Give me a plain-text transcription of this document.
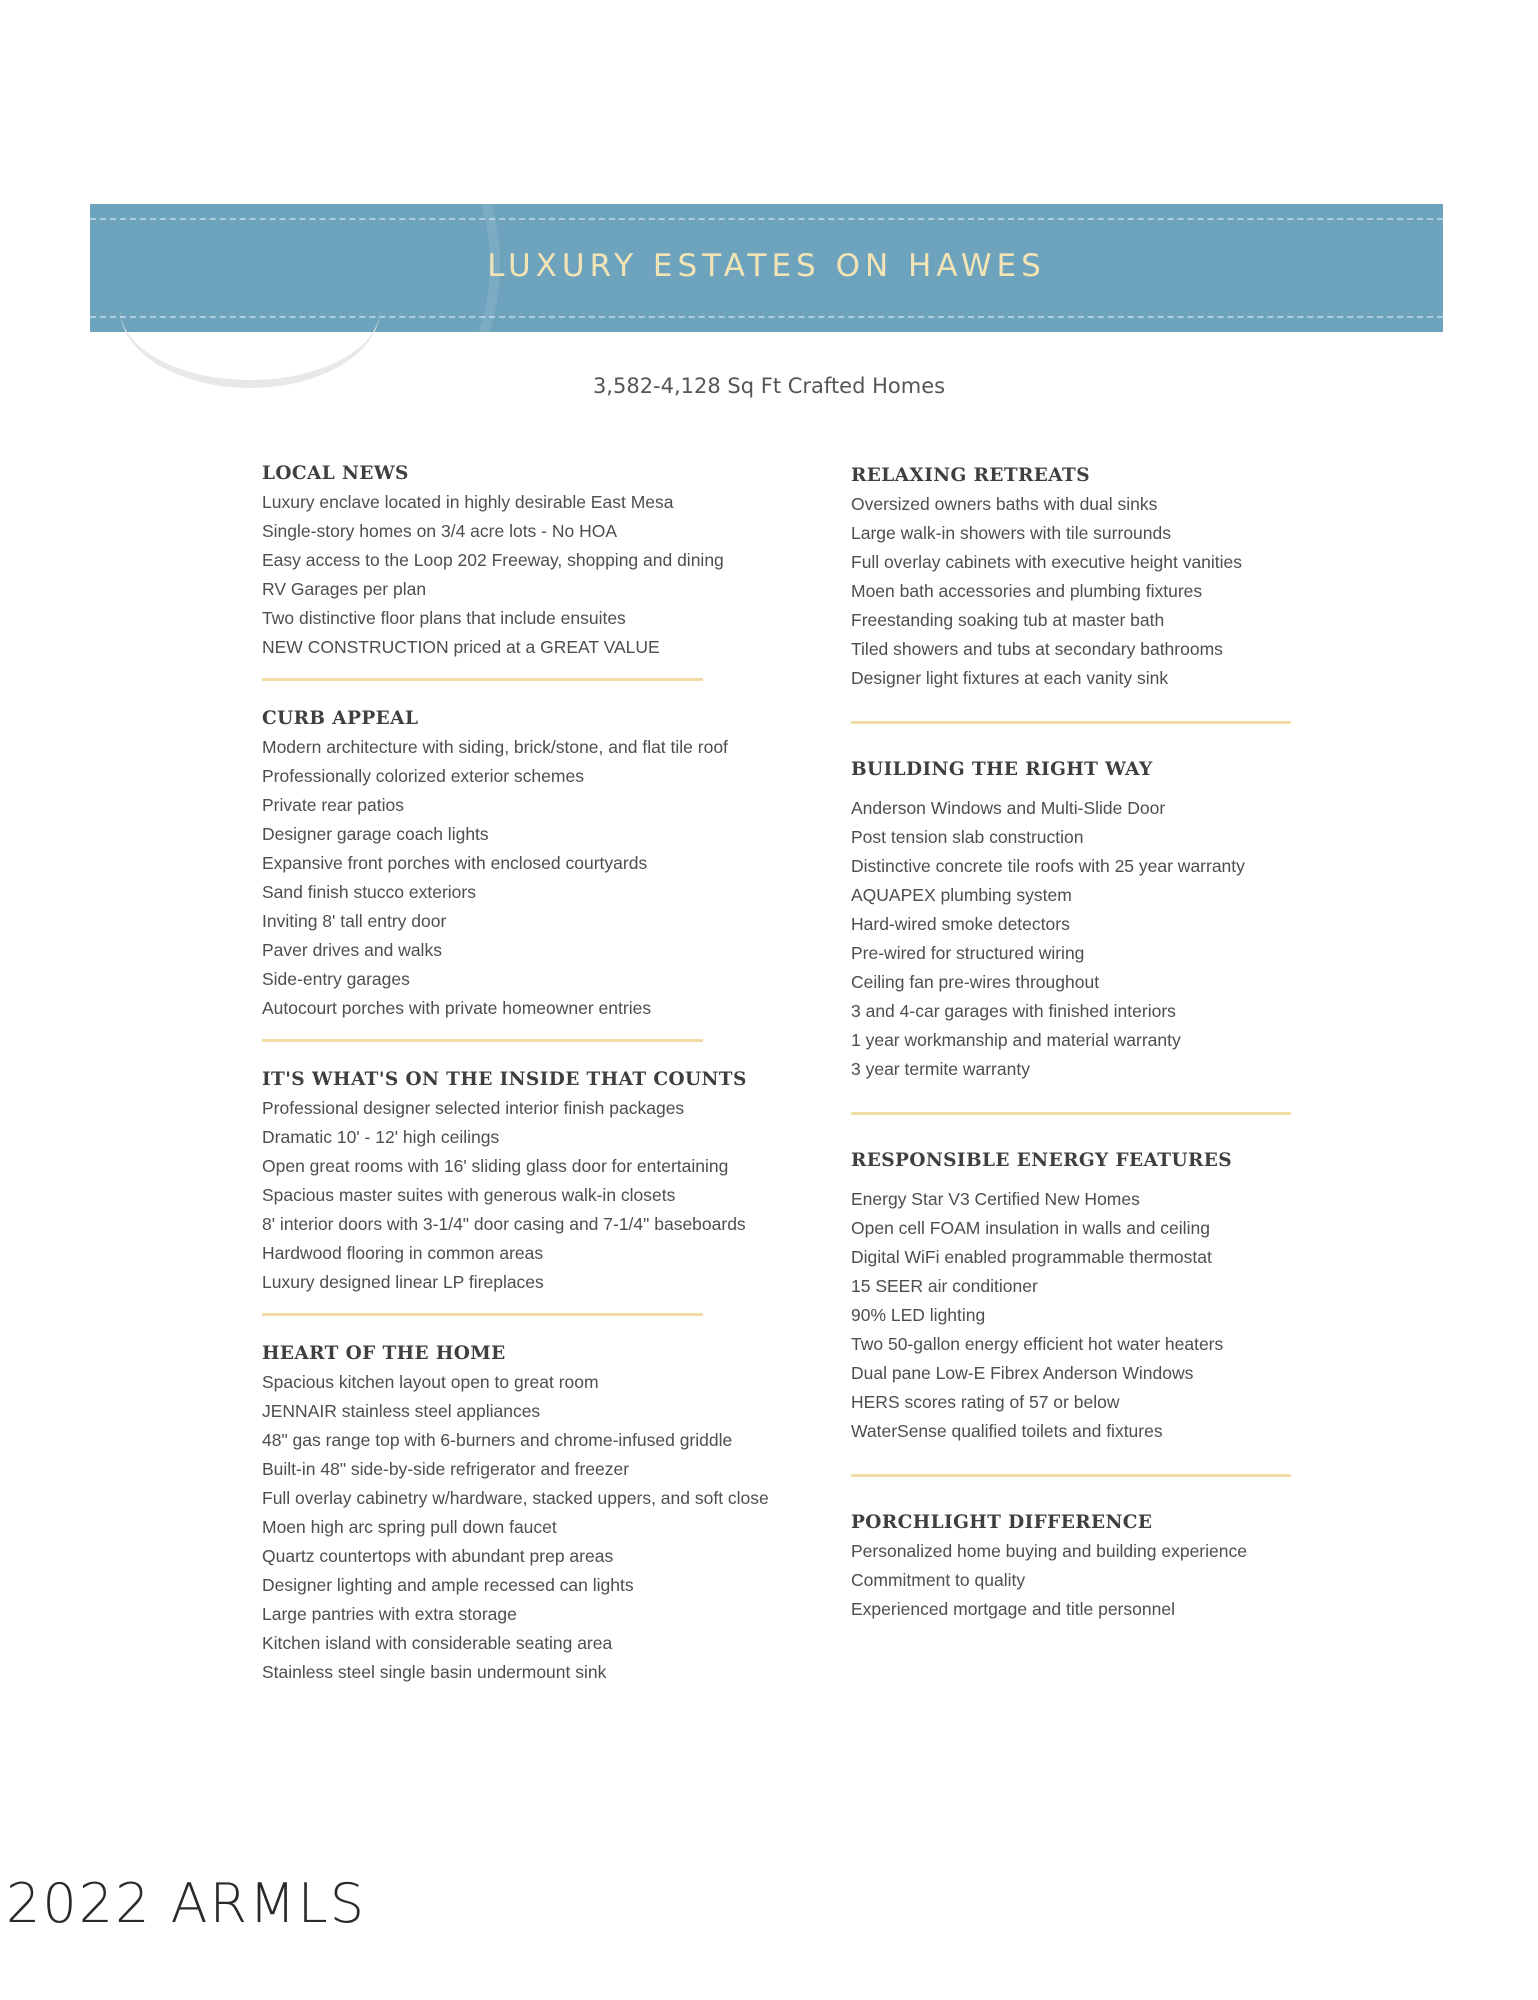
LUXURY ESTATES ON HAWES
3,582-4,128 Sq Ft Crafted Homes
LOCAL NEWS
Luxury enclave located in highly desirable East Mesa
Single-story homes on 3/4 acre lots - No HOA
Easy access to the Loop 202 Freeway, shopping and dining
RV Garages per plan
Two distinctive floor plans that include ensuites
NEW CONSTRUCTION priced at a GREAT VALUE
CURB APPEAL
Modern architecture with siding, brick/stone, and flat tile roof
Professionally colorized exterior schemes
Private rear patios
Designer garage coach lights
Expansive front porches with enclosed courtyards
Sand finish stucco exteriors
Inviting 8' tall entry door
Paver drives and walks
Side-entry garages
Autocourt porches with private homeowner entries
IT'S WHAT'S ON THE INSIDE THAT COUNTS
Professional designer selected interior finish packages
Dramatic 10' - 12' high ceilings
Open great rooms with 16' sliding glass door for entertaining
Spacious master suites with generous walk-in closets
8' interior doors with 3-1/4" door casing and 7-1/4" baseboards
Hardwood flooring in common areas
Luxury designed linear LP fireplaces
HEART OF THE HOME
Spacious kitchen layout open to great room
JENNAIR stainless steel appliances
48" gas range top with 6-burners and chrome-infused griddle
Built-in 48" side-by-side refrigerator and freezer
Full overlay cabinetry w/hardware, stacked uppers, and soft close
Moen high arc spring pull down faucet
Quartz countertops with abundant prep areas
Designer lighting and ample recessed can lights
Large pantries with extra storage
Kitchen island with considerable seating area
Stainless steel single basin undermount sink
RELAXING RETREATS
Oversized owners baths with dual sinks
Large walk-in showers with tile surrounds
Full overlay cabinets with executive height vanities
Moen bath accessories and plumbing fixtures
Freestanding soaking tub at master bath
Tiled showers and tubs at secondary bathrooms
Designer light fixtures at each vanity sink
BUILDING THE RIGHT WAY
Anderson Windows and Multi-Slide Door
Post tension slab construction
Distinctive concrete tile roofs with 25 year warranty
AQUAPEX plumbing system
Hard-wired smoke detectors
Pre-wired for structured wiring
Ceiling fan pre-wires throughout
3 and 4-car garages with finished interiors
1 year workmanship and material warranty
3 year termite warranty
RESPONSIBLE ENERGY FEATURES
Energy Star V3 Certified New Homes
Open cell FOAM insulation in walls and ceiling
Digital WiFi enabled programmable thermostat
15 SEER air conditioner
90% LED lighting
Two 50-gallon energy efficient hot water heaters
Dual pane Low-E Fibrex Anderson Windows
HERS scores rating of 57 or below
WaterSense qualified toilets and fixtures
PORCHLIGHT DIFFERENCE
Personalized home buying and building experience
Commitment to quality
Experienced mortgage and title personnel
2022 ARMLS
